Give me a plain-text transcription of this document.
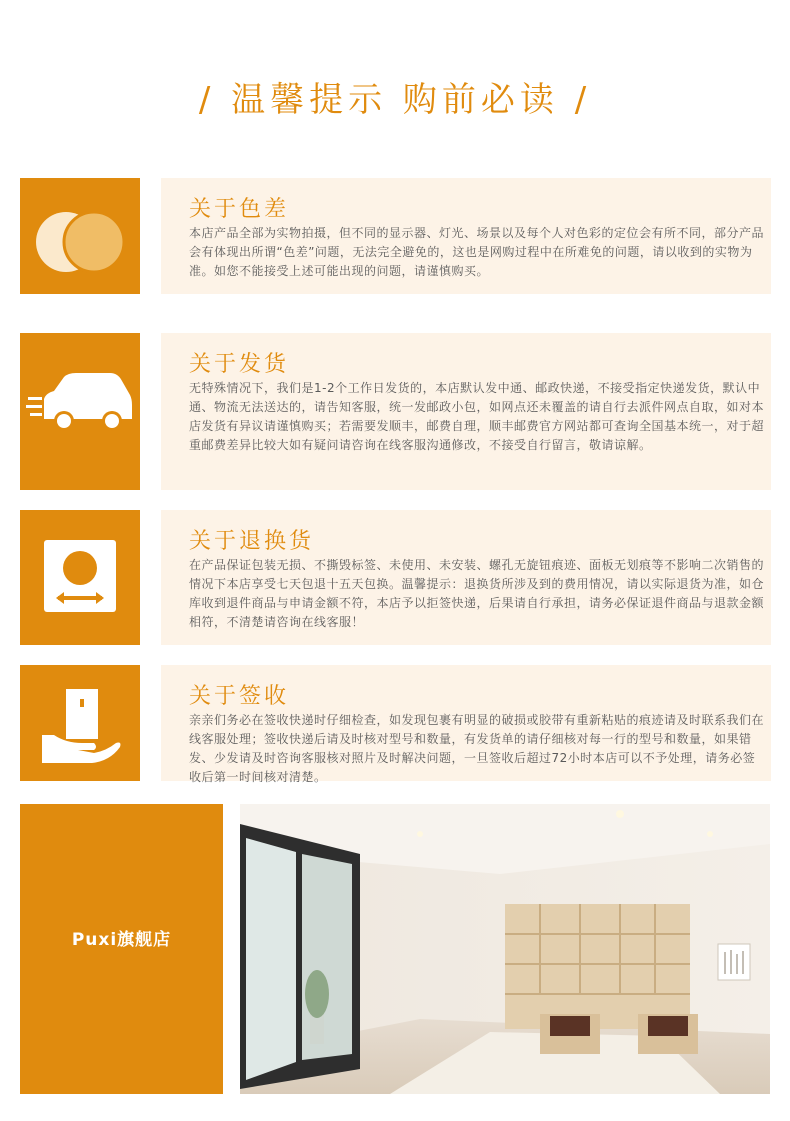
/ 温馨提示 购前必读 /
关于色差
本店产品全部为实物拍摄，但不同的显示器、灯光、场景以及每个人对色彩的定位会有所不同，部分产品会有体现出所谓“色差”问题，无法完全避免的，这也是网购过程中在所难免的问题，请以收到的实物为准。如您不能接受上述可能出现的问题，请谨慎购买。
关于发货
无特殊情况下，我们是1-2个工作日发货的，本店默认发中通、邮政快递，不接受指定快递发货，默认中通、物流无法送达的，请告知客服，统一发邮政小包，如网点还未覆盖的请自行去派件网点自取，如对本店发货有异议请谨慎购买；若需要发顺丰，邮费自理，顺丰邮费官方网站都可查询全国基本统一，对于超重邮费差异比较大如有疑问请咨询在线客服沟通修改，不接受自行留言，敬请谅解。
关于退换货
在产品保证包装无损、不撕毁标签、未使用、未安装、螺孔无旋钮痕迹、面板无划痕等不影响二次销售的情况下本店享受七天包退十五天包换。温馨提示：退换货所涉及到的费用情况，请以实际退货为准，如仓库收到退件商品与申请金额不符，本店予以拒签快递，后果请自行承担，请务必保证退件商品与退款金额相符，不清楚请咨询在线客服！
关于签收
亲亲们务必在签收快递时仔细检查，如发现包裹有明显的破损或胶带有重新粘贴的痕迹请及时联系我们在线客服处理；签收快递后请及时核对型号和数量，有发货单的请仔细核对每一行的型号和数量，如果错发、少发请及时咨询客服核对照片及时解决问题，一旦签收后超过72小时本店可以不予处理，请务必签收后第一时间核对清楚。
Puxi旗舰店
